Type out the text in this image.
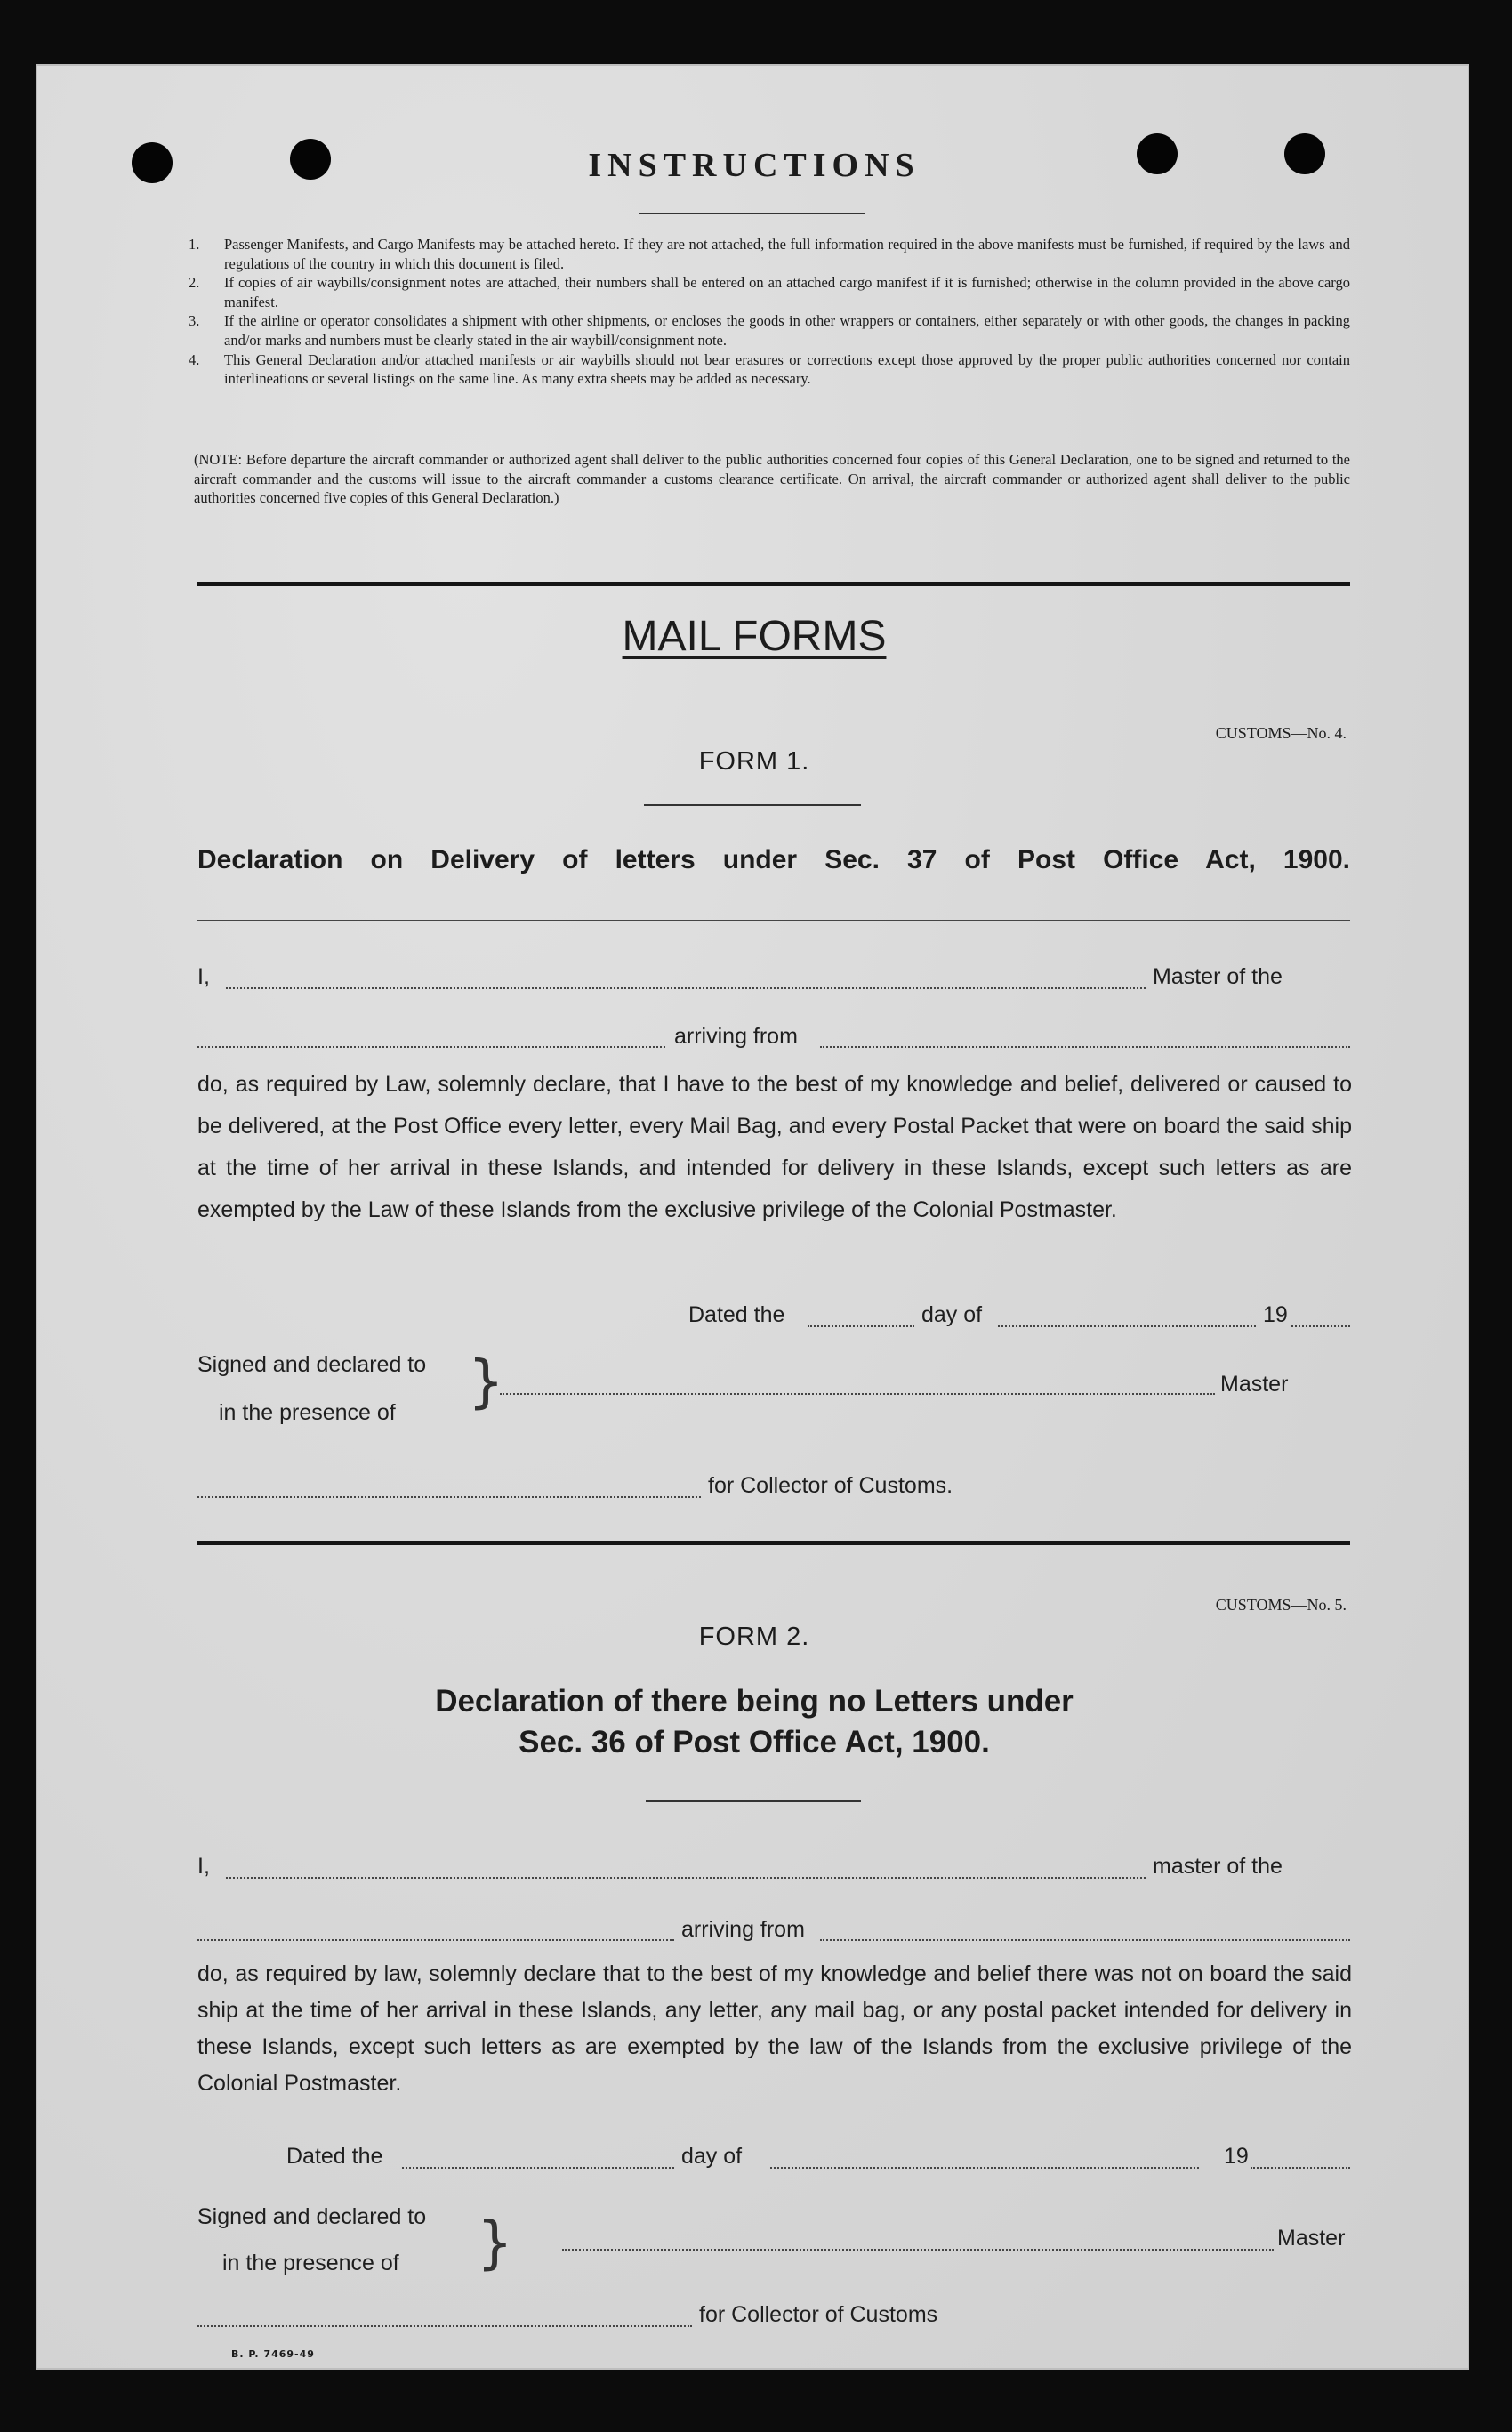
INSTRUCTIONS
1. Passenger Manifests, and Cargo Manifests may be attached hereto. If they are not attached, the full information required in the above manifests must be furnished, if required by the laws and regulations of the country in which this document is filed.
2. If copies of air waybills/consignment notes are attached, their numbers shall be entered on an attached cargo manifest if it is furnished; otherwise in the column provided in the above cargo manifest.
3. If the airline or operator consolidates a shipment with other shipments, or encloses the goods in other wrappers or containers, either separately or with other goods, the changes in packing and/or marks and numbers must be clearly stated in the air waybill/consignment note.
4. This General Declaration and/or attached manifests or air waybills should not bear erasures or corrections except those approved by the proper public authorities concerned nor contain interlineations or several listings on the same line. As many extra sheets may be added as necessary.
(NOTE: Before departure the aircraft commander or authorized agent shall deliver to the public authorities concerned four copies of this General Declaration, one to be signed and returned to the aircraft commander and the customs will issue to the aircraft commander a customs clearance certificate. On arrival, the aircraft commander or authorized agent shall deliver to the public authorities concerned five copies of this General Declaration.)
MAIL FORMS
CUSTOMS—No. 4.
FORM 1.
Declaration on Delivery of letters under Sec. 37 of Post Office Act, 1900.
I,	Master of the
arriving from
do, as required by Law, solemnly declare, that I have to the best of my knowledge and belief, delivered or caused to be delivered, at the Post Office every letter, every Mail Bag, and every Postal Packet that were on board the said ship at the time of her arrival in these Islands, and intended for delivery in these Islands, except such letters as are exempted by the Law of these Islands from the exclusive privilege of the Colonial Postmaster.
Dated the	day of	19
Signed and declared to
in the presence of }	Master
for Collector of Customs.
CUSTOMS—No. 5.
FORM 2.
Declaration of there being no Letters under
Sec. 36 of Post Office Act, 1900.
I,	master of the
arriving from
do, as required by law, solemnly declare that to the best of my knowledge and belief there was not on board the said ship at the time of her arrival in these Islands, any letter, any mail bag, or any postal packet intended for delivery in these Islands, except such letters as are exempted by the law of the Islands from the exclusive privilege of the Colonial Postmaster.
Dated the	day of	19
Signed and declared to
in the presence of }	Master
for Collector of Customs
B. P. 7469-49
